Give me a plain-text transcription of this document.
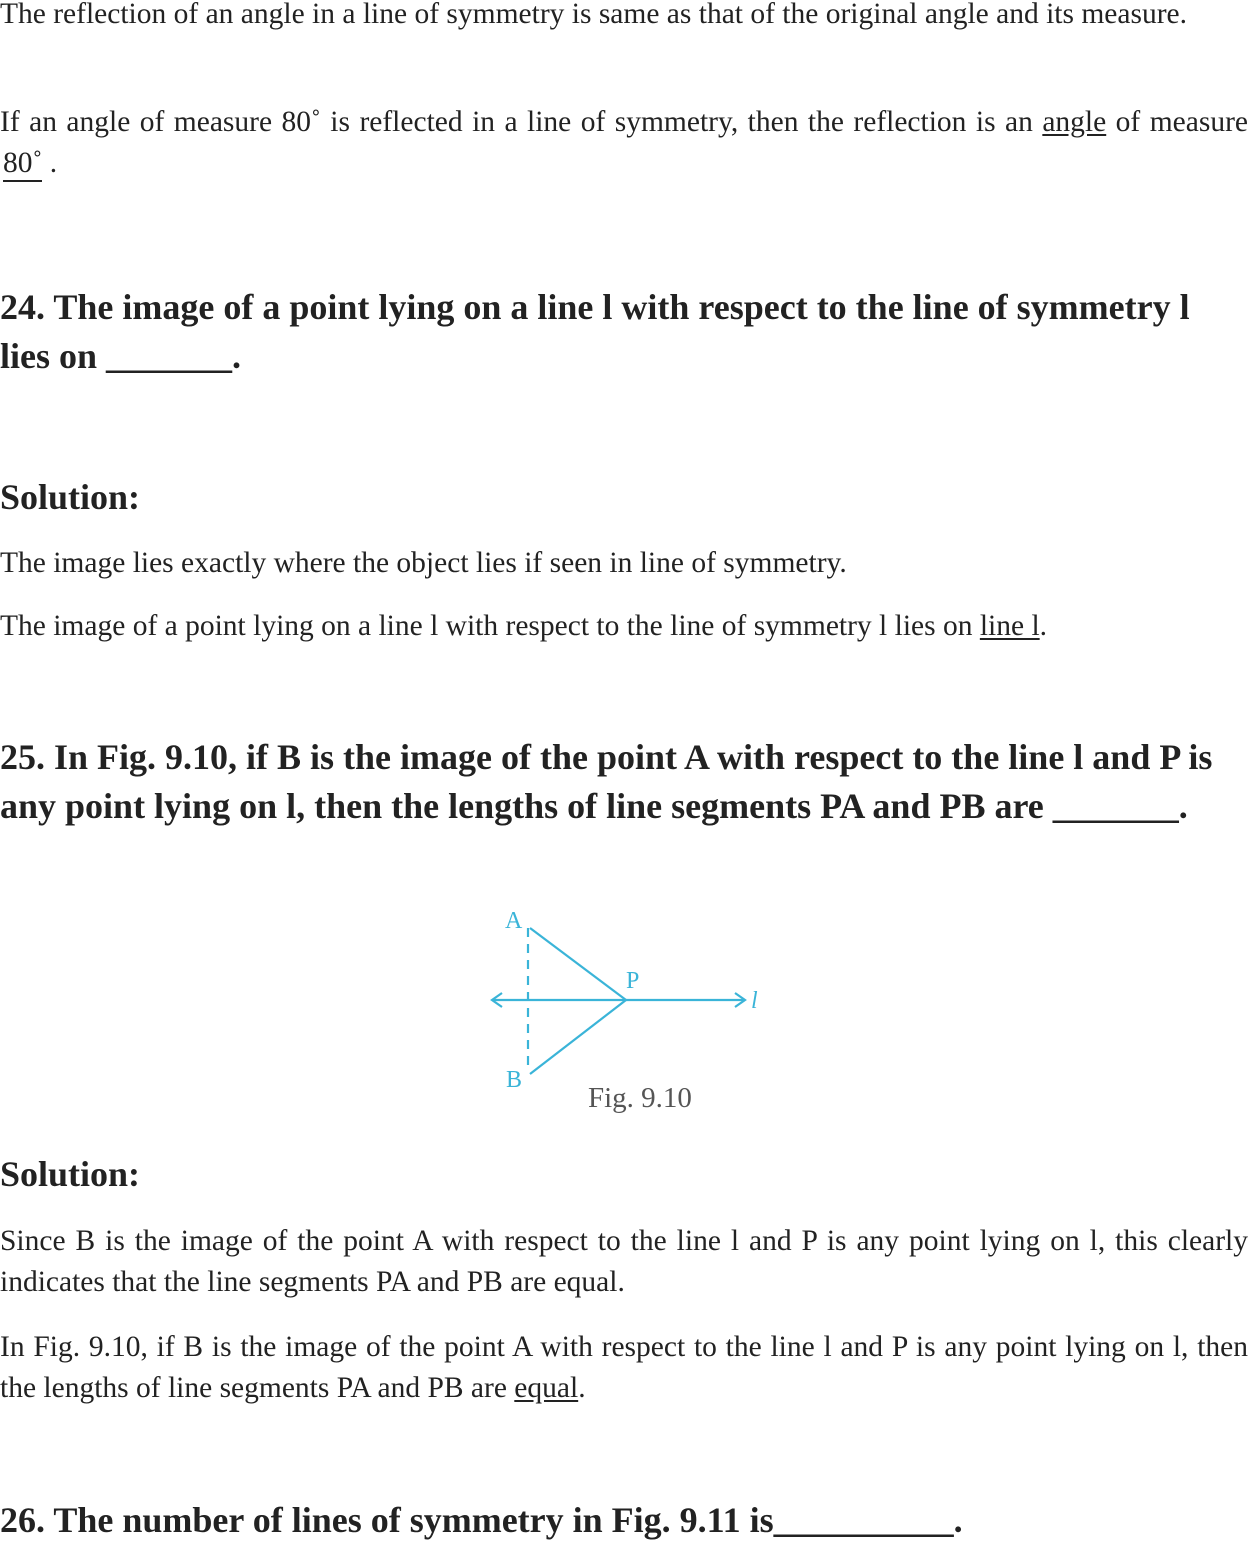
The reflection of an angle in a line of symmetry is same as that of the original angle and its measure.
If an angle of measure 80˚ is reflected in a line of symmetry, then the reflection is an angle of measure80˚ .
24. The image of a point lying on a line l with respect to the line of symmetry l lies on _______.
Solution:
The image lies exactly where the object lies if seen in line of symmetry.
The image of a point lying on a line l with respect to the line of symmetry l lies on line l.
25. In Fig. 9.10, if B is the image of the point A with respect to the line l and P is any point lying on l, then the lengths of line segments PA and PB are _______.
A
B
P
l
Fig. 9.10
Solution:
Since B is the image of the point A with respect to the line l and P is any point lying on l, this clearly indicates that the line segments PA and PB are equal.
In Fig. 9.10, if B is the image of the point A with respect to the line l and P is any point lying on l, then the lengths of line segments PA and PB are equal.
26. The number of lines of symmetry in Fig. 9.11 is__________.
